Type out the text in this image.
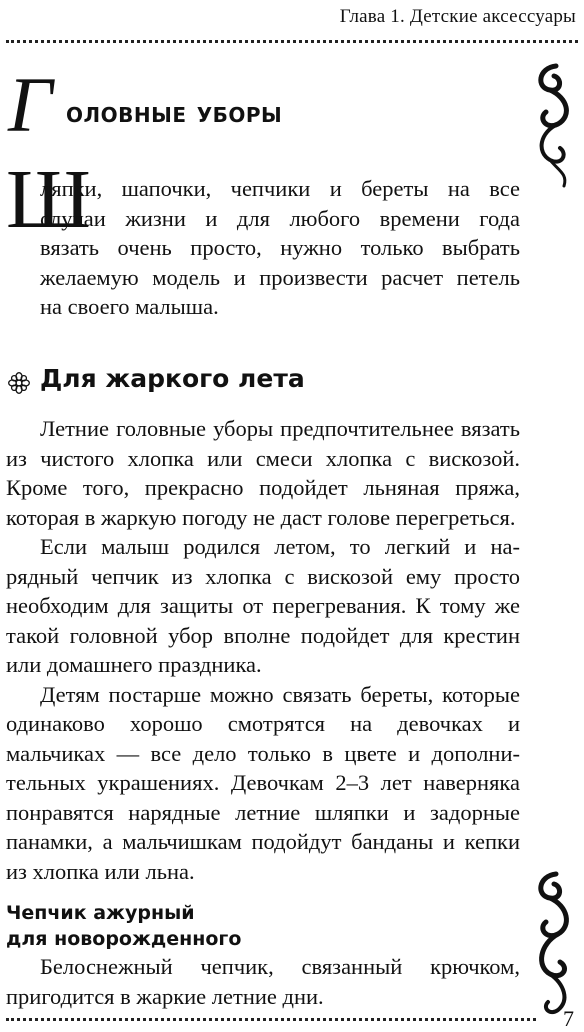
Глава 1. Детские аксессуары
Г оловные уборы
Ш
ляпки, шапочки, чепчики и береты на все
случаи жизни и для любого времени года
вязать очень просто, нужно только выбрать
желаемую модель и произвести расчет петель
на своего малыша.
Для жаркого лета

Летние головные уборы предпочтительнее вязать из чистого хлопка или смеси хлопка с вискозой. Кроме того, прекрасно подойдет льняная пряжа, которая в жаркую погоду не даст голове перегреться.

Если малыш родился летом, то легкий и нарядный чепчик из хлопка с вискозой ему просто необходим для защиты от перегревания. К тому же такой головной убор вполне подойдет для крестин или домашнего праздника.

Детям постарше можно связать береты, которые одинаково хорошо смотрятся на девочках и мальчиках — все дело только в цвете и дополнительных украшениях. Девочкам 2–3 лет наверняка понравятся нарядные летние шляпки и задорные панамки, а мальчишкам подойдут банданы и кепки из хлопка или льна.

Чепчик ажурный
для новорожденного

Белоснежный чепчик, связанный крючком, пригодится в жаркие летние дни.

7
